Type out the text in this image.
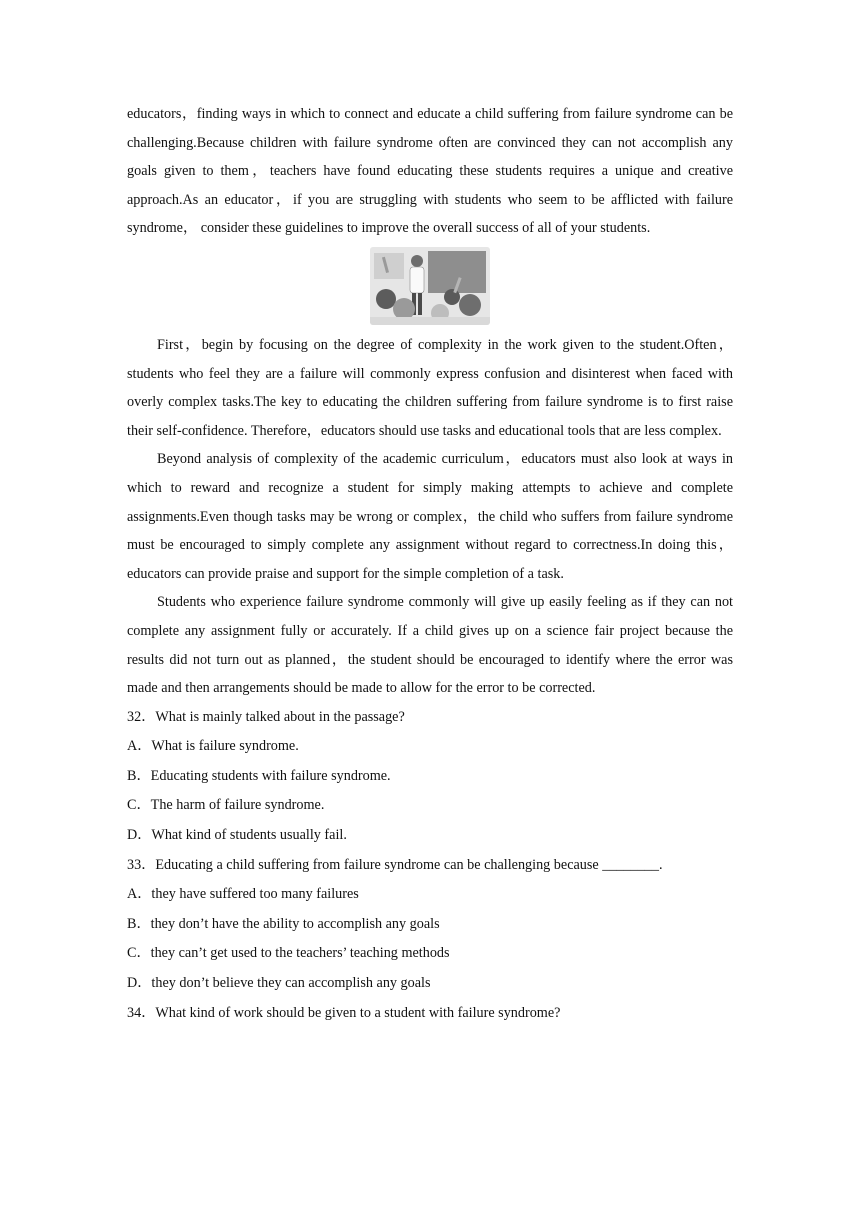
educators，finding ways in which to connect and educate a child suffering from failure syndrome can be challenging.Because children with failure syndrome often are convinced they can not accomplish any goals given to them，teachers have found educating these students requires a unique and creative approach.As an educator，if you are struggling with students who seem to be afflicted with failure syndrome， consider these guidelines to improve the overall success of all of your students.

First，begin by focusing on the degree of complexity in the work given to the student.Often，students who feel they are a failure will commonly express confusion and disinterest when faced with overly complex tasks.The key to educating the children suffering from failure syndrome is to first raise their self-confidence. Therefore，educators should use tasks and educational tools that are less complex.

Beyond analysis of complexity of the academic curriculum，educators must also look at ways in which to reward and recognize a student for simply making attempts to achieve and complete assignments.Even though tasks may be wrong or complex，the child who suffers from failure syndrome must be encouraged to simply complete any assignment without regard to correctness.In doing this，educators can provide praise and support for the simple completion of a task.

Students who experience failure syndrome commonly will give up easily feeling as if they can not complete any assignment fully or accurately. If a child gives up on a science fair project because the results did not turn out as planned，the student should be encouraged to identify where the error was made and then arrangements should be made to allow for the error to be corrected.

32．What is mainly talked about in the passage?

A．What is failure syndrome.

B．Educating students with failure syndrome.

C．The harm of failure syndrome.

D．What kind of students usually fail.

33．Educating a child suffering from failure syndrome can be challenging because ________.

A．they have suffered too many failures

B．they don’t have the ability to accomplish any goals

C．they can’t get used to the teachers’ teaching methods

D．they don’t believe they can accomplish any goals

34．What kind of work should be given to a student with failure syndrome?
